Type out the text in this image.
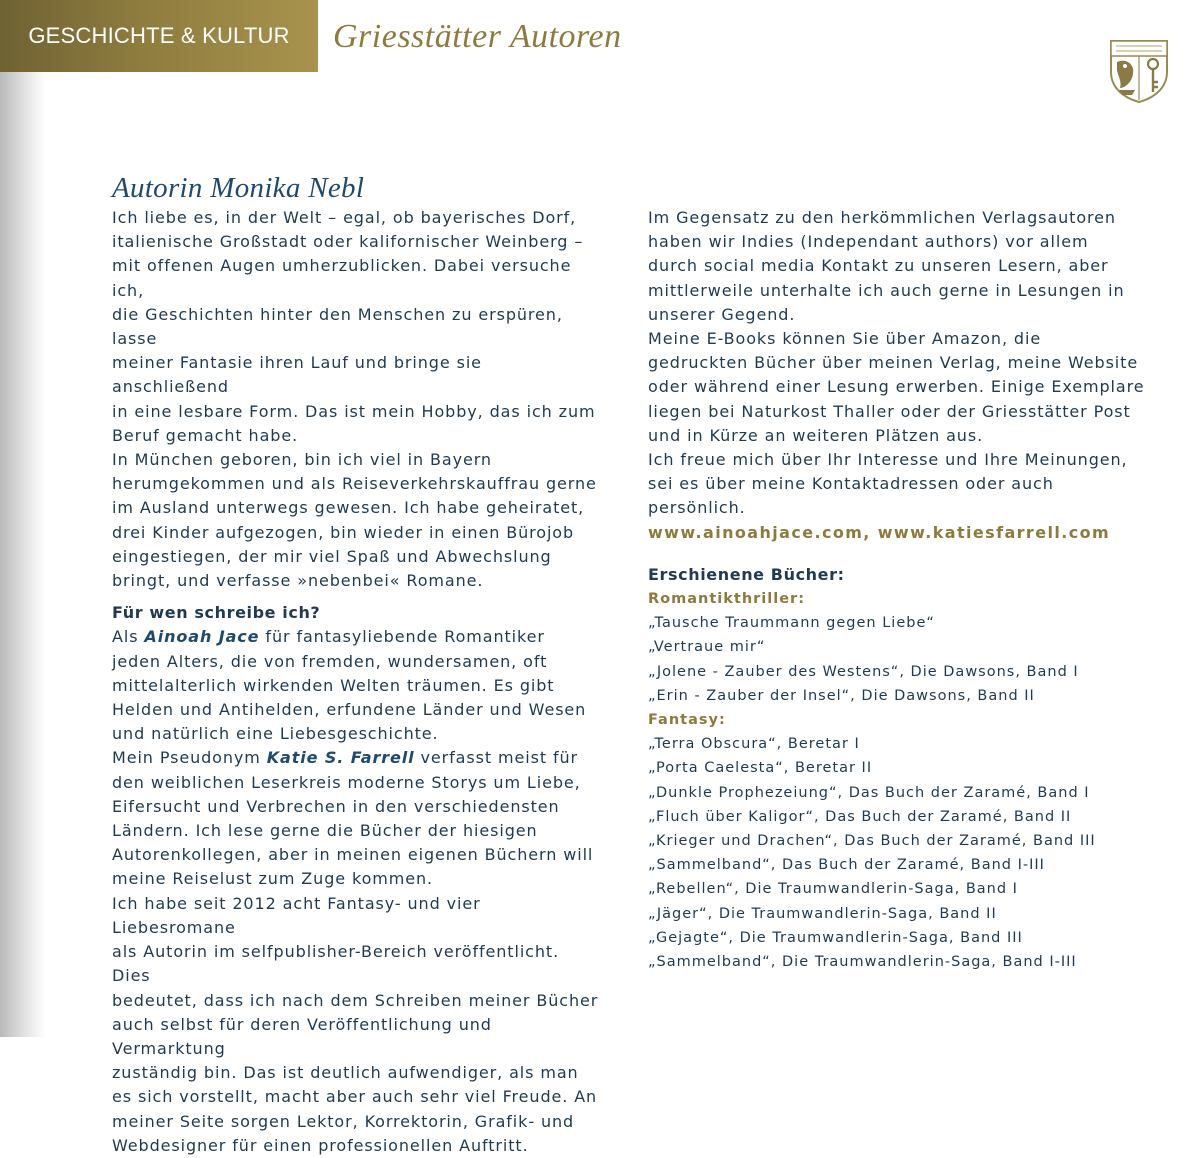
GESCHICHTE & KULTUR Griesstätter Autoren
Autorin Monika Nebl

Ich liebe es, in der Welt – egal, ob bayerisches Dorf,

italienische Großstadt oder kalifornischer Weinberg –

mit offenen Augen umherzublicken. Dabei versuche ich,

die Geschichten hinter den Menschen zu erspüren, lasse

meiner Fantasie ihren Lauf und bringe sie anschließend

in eine lesbare Form. Das ist mein Hobby, das ich zum

Beruf gemacht habe.

In München geboren, bin ich viel in Bayern

herumgekommen und als Reiseverkehrskauffrau gerne

im Ausland unterwegs gewesen. Ich habe geheiratet,

drei Kinder aufgezogen, bin wieder in einen Bürojob

eingestiegen, der mir viel Spaß und Abwechslung

bringt, und verfasse »nebenbei« Romane.

Für wen schreibe ich?

Als Ainoah Jace für fantasyliebende Romantiker

jeden Alters, die von fremden, wundersamen, oft

mittelalterlich wirkenden Welten träumen. Es gibt

Helden und Antihelden, erfundene Länder und Wesen

und natürlich eine Liebesgeschichte.

Mein Pseudonym Katie S. Farrell verfasst meist für

den weiblichen Leserkreis moderne Storys um Liebe,

Eifersucht und Verbrechen in den verschiedensten

Ländern. Ich lese gerne die Bücher der hiesigen

Autorenkollegen, aber in meinen eigenen Büchern will

meine Reiselust zum Zuge kommen.

Ich habe seit 2012 acht Fantasy- und vier Liebesromane

als Autorin im selfpublisher-Bereich veröffentlicht. Dies

bedeutet, dass ich nach dem Schreiben meiner Bücher

auch selbst für deren Veröffentlichung und Vermarktung

zuständig bin. Das ist deutlich aufwendiger, als man

es sich vorstellt, macht aber auch sehr viel Freude. An

meiner Seite sorgen Lektor, Korrektorin, Grafik- und

Webdesigner für einen professionellen Auftritt.

Im Gegensatz zu den herkömmlichen Verlagsautoren

haben wir Indies (Independant authors) vor allem

durch social media Kontakt zu unseren Lesern, aber

mittlerweile unterhalte ich auch gerne in Lesungen in

unserer Gegend.

Meine E-Books können Sie über Amazon, die

gedruckten Bücher über meinen Verlag, meine Website

oder während einer Lesung erwerben. Einige Exemplare

liegen bei Naturkost Thaller oder der Griesstätter Post

und in Kürze an weiteren Plätzen aus.

Ich freue mich über Ihr Interesse und Ihre Meinungen,

sei es über meine Kontaktadressen oder auch

persönlich.

www.ainoahjace.com, www.katiesfarrell.com

Erschienene Bücher:

Romantikthriller:

„Tausche Traummann gegen Liebe“

„Vertraue mir“

„Jolene - Zauber des Westens“, Die Dawsons, Band I

„Erin - Zauber der Insel“, Die Dawsons, Band II

Fantasy:

„Terra Obscura“, Beretar I

„Porta Caelesta“, Beretar II

„Dunkle Prophezeiung“, Das Buch der Zaramé, Band I

„Fluch über Kaligor“, Das Buch der Zaramé, Band II

„Krieger und Drachen“, Das Buch der Zaramé, Band III

„Sammelband“, Das Buch der Zaramé, Band I-III

„Rebellen“, Die Traumwandlerin-Saga, Band I

„Jäger“, Die Traumwandlerin-Saga, Band II

„Gejagte“, Die Traumwandlerin-Saga, Band III

„Sammelband“, Die Traumwandlerin-Saga, Band I-III
